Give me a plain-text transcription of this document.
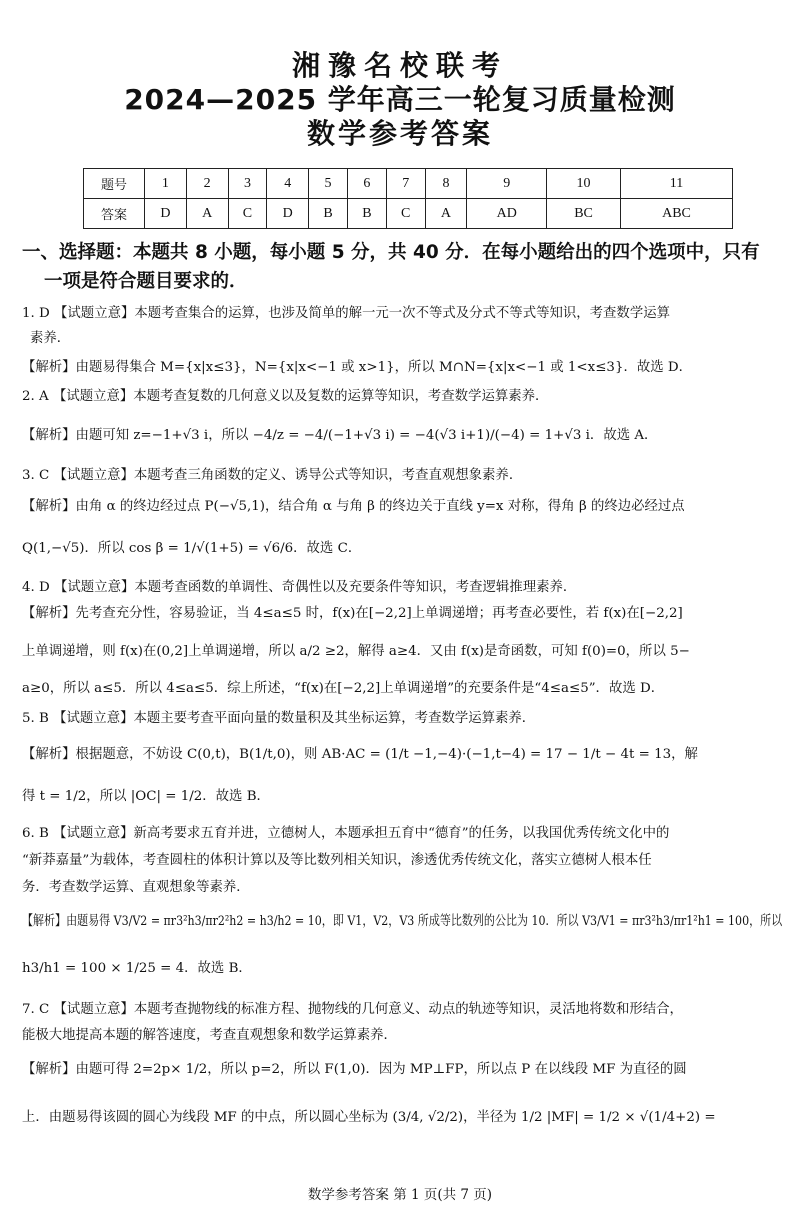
湘豫名校联考
2024—2025 学年高三一轮复习质量检测
数学参考答案
题号	1	2	3	4	5	6	7	8	9	10	11
答案	D	A	C	D	B	B	C	A	AD	BC	ABC
一、选择题：本题共 8 小题，每小题 5 分，共 40 分．在每小题给出的四个选项中，只有
一项是符合题目要求的．
1. D 【试题立意】本题考查集合的运算，也涉及简单的解一元一次不等式及分式不等式等知识，考查数学运算
素养．
【解析】由题易得集合 M={x|x≤3}，N={x|x<−1 或 x>1}，所以 M∩N={x|x<−1 或 1<x≤3}．故选 D．
2. A 【试题立意】本题考查复数的几何意义以及复数的运算等知识，考查数学运算素养．
【解析】由题可知 z=−1+√3 i，所以 −4/z = −4/(−1+√3 i) = −4(√3 i+1)/(−4) = 1+√3 i．故选 A．
3. C 【试题立意】本题考查三角函数的定义、诱导公式等知识，考查直观想象素养．
【解析】由角 α 的终边经过点 P(−√5,1)，结合角 α 与角 β 的终边关于直线 y=x 对称，得角 β 的终边必经过点
Q(1,−√5)．所以 cos β = 1/√(1+5) = √6/6．故选 C．
4. D 【试题立意】本题考查函数的单调性、奇偶性以及充要条件等知识，考查逻辑推理素养．
【解析】先考查充分性，容易验证，当 4≤a≤5 时，f(x)在[−2,2]上单调递增；再考查必要性，若 f(x)在[−2,2]
上单调递增，则 f(x)在(0,2]上单调递增，所以 a/2 ≥2，解得 a≥4．又由 f(x)是奇函数，可知 f(0)=0，所以 5−
a≥0，所以 a≤5．所以 4≤a≤5．综上所述，“f(x)在[−2,2]上单调递增”的充要条件是“4≤a≤5”．故选 D．
5. B 【试题立意】本题主要考查平面向量的数量积及其坐标运算，考查数学运算素养．
【解析】根据题意，不妨设 C(0,t)，B(1/t,0)，则 AB·AC = (1/t −1,−4)·(−1,t−4) = 17 − 1/t − 4t = 13，解
得 t = 1/2，所以 |OC| = 1/2．故选 B．
6. B 【试题立意】新高考要求五育并进，立德树人，本题承担五育中“德育”的任务，以我国优秀传统文化中的
“新莽嘉量”为载体，考查圆柱的体积计算以及等比数列相关知识，渗透优秀传统文化，落实立德树人根本任
务．考查数学运算、直观想象等素养．
【解析】由题易得 V3/V2 = πr3²h3/πr2²h2 = h3/h2 = 10，即 V1，V2，V3 所成等比数列的公比为 10．所以 V3/V1 = πr3²h3/πr1²h1 = 100，所以
h3/h1 = 100 × 1/25 = 4．故选 B．
7. C 【试题立意】本题考查抛物线的标准方程、抛物线的几何意义、动点的轨迹等知识，灵活地将数和形结合，
能极大地提高本题的解答速度，考查直观想象和数学运算素养．
【解析】由题可得 2=2p× 1/2，所以 p=2，所以 F(1,0)．因为 MP⊥FP，所以点 P 在以线段 MF 为直径的圆
上．由题易得该圆的圆心为线段 MF 的中点，所以圆心坐标为 (3/4, √2/2)，半径为 1/2 |MF| = 1/2 × √(1/4+2) =
数学参考答案 第 1 页(共 7 页)
